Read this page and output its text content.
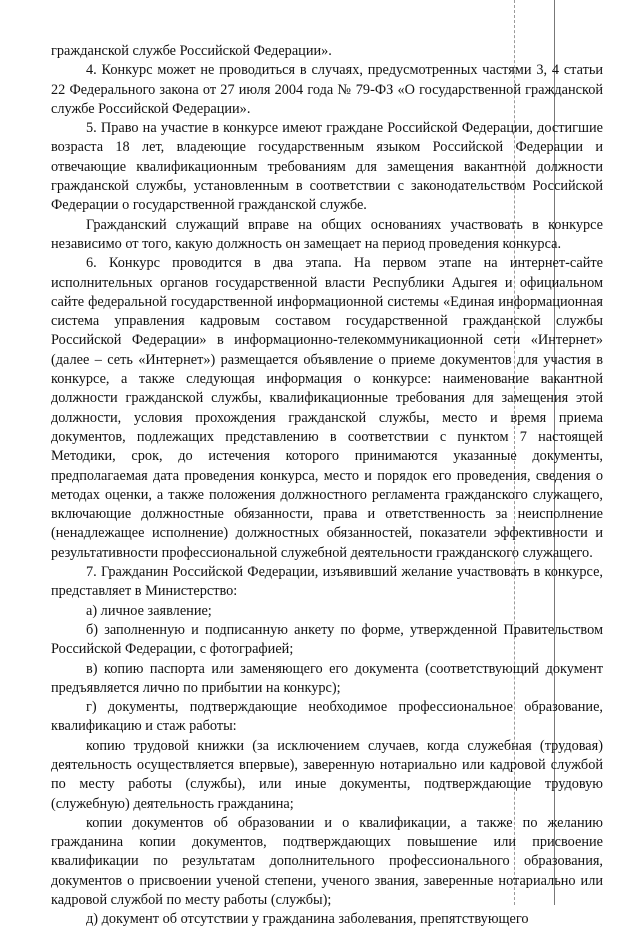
гражданской службе Российской Федерации».

4. Конкурс может не проводиться в случаях, предусмотренных частями 3, 4 статьи 22 Федерального закона от 27 июля 2004 года № 79-ФЗ «О государственной гражданской службе Российской Федерации».

5. Право на участие в конкурсе имеют граждане Российской Федерации, достигшие возраста 18 лет, владеющие государственным языком Российской Федерации и отвечающие квалификационным требованиям для замещения вакантной должности гражданской службы, установленным в соответствии с законодательством Российской Федерации о государственной гражданской службе.

Гражданский служащий вправе на общих основаниях участвовать в конкурсе независимо от того, какую должность он замещает на период проведения конкурса.

6. Конкурс проводится в два этапа. На первом этапе на интернет-сайте исполнительных органов государственной власти Республики Адыгея и официальном сайте федеральной государственной информационной системы «Единая информационная система управления кадровым составом государственной гражданской службы Российской Федерации» в информационно-телекоммуникационной сети «Интернет» (далее – сеть «Интернет») размещается объявление о приеме документов для участия в конкурсе, а также следующая информация о конкурсе: наименование вакантной должности гражданской службы, квалификационные требования для замещения этой должности, условия прохождения гражданской службы, место и время приема документов, подлежащих представлению в соответствии с пунктом 7 настоящей Методики, срок, до истечения которого принимаются указанные документы, предполагаемая дата проведения конкурса, место и порядок его проведения, сведения о методах оценки, а также положения должностного регламента гражданского служащего, включающие должностные обязанности, права и ответственность за неисполнение (ненадлежащее исполнение) должностных обязанностей, показатели эффективности и результативности профессиональной служебной деятельности гражданского служащего.

7. Гражданин Российской Федерации, изъявивший желание участвовать в конкурсе, представляет в Министерство:

а) личное заявление;

б) заполненную и подписанную анкету по форме, утвержденной Правительством Российской Федерации, с фотографией;

в) копию паспорта или заменяющего его документа (соответствующий документ предъявляется лично по прибытии на конкурс);

г) документы, подтверждающие необходимое профессиональное образование, квалификацию и стаж работы:

копию трудовой книжки (за исключением случаев, когда служебная (трудовая) деятельность осуществляется впервые), заверенную нотариально или кадровой службой по месту работы (службы), или иные документы, подтверждающие трудовую (служебную) деятельность гражданина;

копии документов об образовании и о квалификации, а также по желанию гражданина копии документов, подтверждающих повышение или присвоение квалификации по результатам дополнительного профессионального образования, документов о присвоении ученой степени, ученого звания, заверенные нотариально или кадровой службой по месту работы (службы);

д) документ об отсутствии у гражданина заболевания, препятствующего
